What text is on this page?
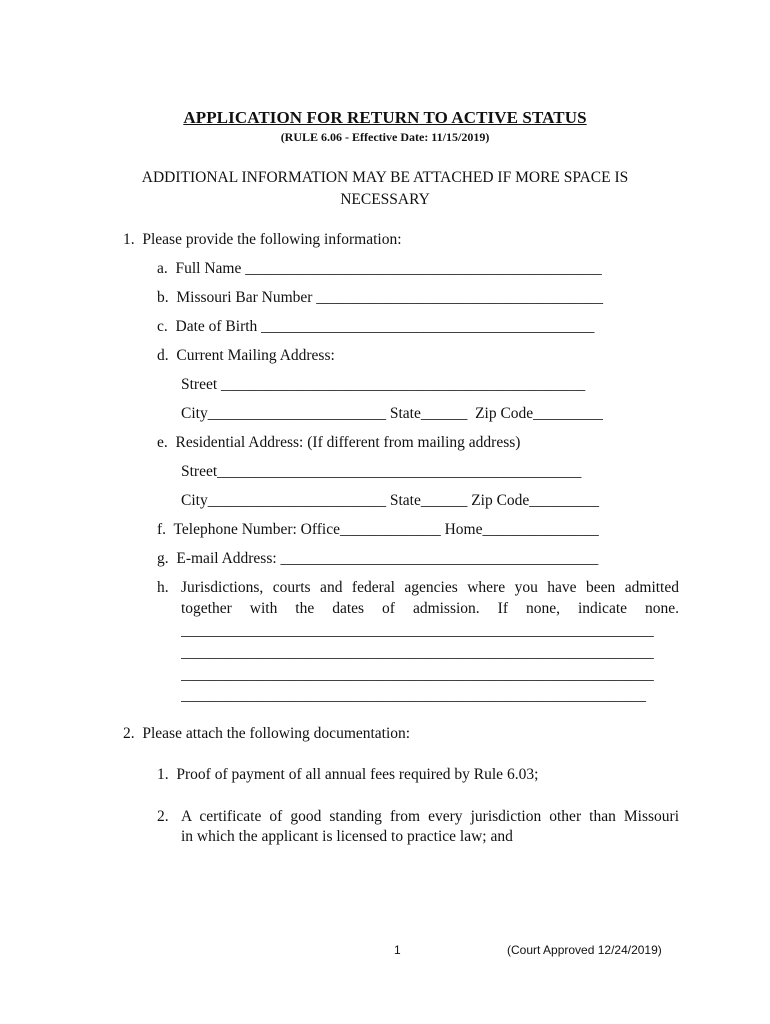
APPLICATION FOR RETURN TO ACTIVE STATUS
(RULE 6.06 - Effective Date: 11/15/2019)
ADDITIONAL INFORMATION MAY BE ATTACHED IF MORE SPACE IS NECESSARY
1.  Please provide the following information:
a.  Full Name ______________________________________________
b.  Missouri Bar Number _____________________________________
c.  Date of Birth ___________________________________________
d.  Current Mailing Address:
Street _______________________________________________
City_______________________ State______  Zip Code_________
e.  Residential Address: (If different from mailing address)
Street_______________________________________________
City_______________________ State______ Zip Code_________
f.  Telephone Number: Office_____________ Home_______________
g.  E-mail Address: _________________________________________
h. Jurisdictions, courts and federal agencies where you have been admitted
together with the dates of admission. If none, indicate none.
_____________________________________________________________
_____________________________________________________________
_____________________________________________________________
____________________________________________________________
2.  Please attach the following documentation:
1.  Proof of payment of all annual fees required by Rule 6.03;
2. A certificate of good standing from every jurisdiction other than Missouri
in which the applicant is licensed to practice law; and
1	(Court Approved 12/24/2019)
